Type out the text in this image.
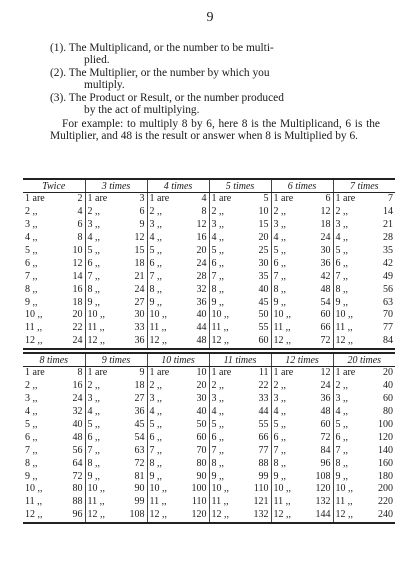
9
(1). The Multiplicand, or the number to be multi-
plied.
(2). The Multiplier, or the number by which you
multiply.
(3). The Product or Result, or the number produced
by the act of multiplying.
For example: to multiply 8 by 6, here 8 is the Multiplicand, 6 is the Multiplier, and 48 is the result or answer when 8 is Multiplied by 6.
Twice	3 times	4 times	5 times	6 times	7 times

1 are 2	1 are 3	1 are 4	1 are 5	1 are 6	1 are 7

2 ,, 4	2 ,, 6	2 ,, 8	2 ,, 10	2 ,, 12	2 ,, 14

3 ,, 6	3 ,, 9	3 ,, 12	3 ,, 15	3 ,, 18	3 ,, 21

4 ,, 8	4 ,, 12	4 ,, 16	4 ,, 20	4 ,, 24	4 ,, 28

5 ,, 10	5 ,, 15	5 ,, 20	5 ,, 25	5 ,, 30	5 ,, 35

6 ,, 12	6 ,, 18	6 ,, 24	6 ,, 30	6 ,, 36	6 ,, 42

7 ,, 14	7 ,, 21	7 ,, 28	7 ,, 35	7 ,, 42	7 ,, 49

8 ,, 16	8 ,, 24	8 ,, 32	8 ,, 40	8 ,, 48	8 ,, 56

9 ,, 18	9 ,, 27	9 ,, 36	9 ,, 45	9 ,, 54	9 ,, 63

10 ,, 20	10 ,, 30	10 ,, 40	10 ,, 50	10 ,, 60	10 ,, 70

11 ,, 22	11 ,, 33	11 ,, 44	11 ,, 55	11 ,, 66	11 ,, 77

12 ,, 24	12 ,, 36	12 ,, 48	12 ,, 60	12 ,, 72	12 ,, 84
8 times	9 times	10 times	11 times	12 times	20 times

1 are 8	1 are 9	1 are 10	1 are 11	1 are 12	1 are 20

2 ,, 16	2 ,, 18	2 ,, 20	2 ,, 22	2 ,, 24	2 ,, 40

3 ,, 24	3 ,, 27	3 ,, 30	3 ,, 33	3 ,, 36	3 ,, 60

4 ,, 32	4 ,, 36	4 ,, 40	4 ,, 44	4 ,, 48	4 ,, 80

5 ,, 40	5 ,, 45	5 ,, 50	5 ,, 55	5 ,, 60	5 ,, 100

6 ,, 48	6 ,, 54	6 ,, 60	6 ,, 66	6 ,, 72	6 ,, 120

7 ,, 56	7 ,, 63	7 ,, 70	7 ,, 77	7 ,, 84	7 ,, 140

8 ,, 64	8 ,, 72	8 ,, 80	8 ,, 88	8 ,, 96	8 ,, 160

9 ,, 72	9 ,, 81	9 ,, 90	9 ,, 99	9 ,, 108	9 ,, 180

10 ,, 80	10 ,, 90	10 ,, 100	10 ,, 110	10 ,, 120	10 ,, 200

11 ,, 88	11 ,, 99	11 ,, 110	11 ,, 121	11 ,, 132	11 ,, 220

12 ,, 96	12 ,, 108	12 ,, 120	12 ,, 132	12 ,, 144	12 ,, 240
